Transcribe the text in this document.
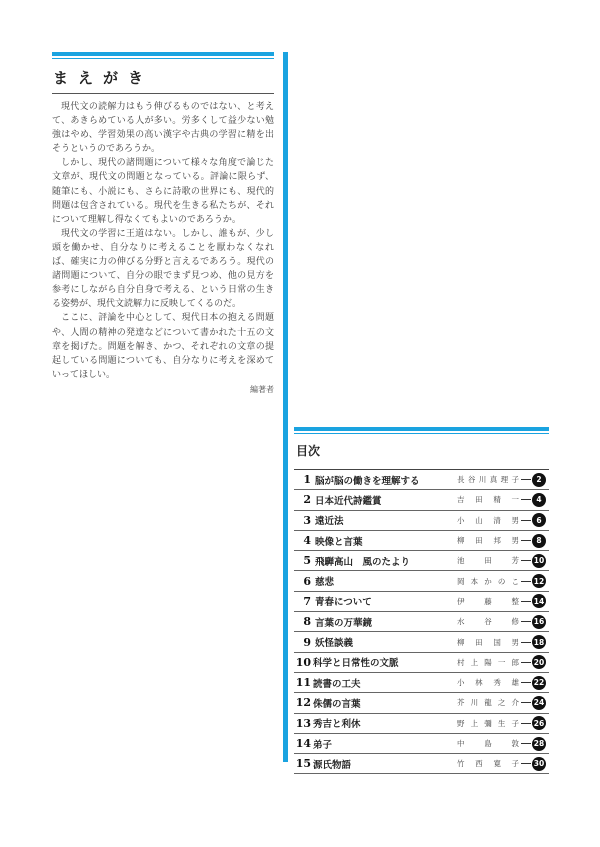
まえがき

現代文の読解力はもう伸びるものではない、と考えて、あきらめている人が多い。労多くして益少ない勉強はやめ、学習効果の高い漢字や古典の学習に精を出そうというのであろうか。

しかし、現代の諸問題について様々な角度で論じた文章が、現代文の問題となっている。評論に限らず、随筆にも、小説にも、さらに詩歌の世界にも、現代的問題は包含されている。現代を生きる私たちが、それについて理解し得なくてもよいのであろうか。

現代文の学習に王道はない。しかし、誰もが、少し頭を働かせ、自分なりに考えることを厭わなくなれば、確実に力の伸びる分野と言えるであろう。現代の諸問題について、自分の眼でまず見つめ、他の見方を参考にしながら自分自身で考える、という日常の生きる姿勢が、現代文読解力に反映してくるのだ。

ここに、評論を中心として、現代日本の抱える問題や、人間の精神の発達などについて書かれた十五の文章を掲げた。問題を解き、かつ、それぞれの文章の提起している問題についても、自分なりに考えを深めていってほしい。

編著者
目次
1 脳が脳の働きを理解する	長谷川真理子	2
2 日本近代詩鑑賞	吉田精一	4
3 遠近法	小山清男	6
4 映像と言葉	柳田邦男	8
5 飛騨高山　風のたより	池田芳 10
6 慈悲	岡本かのこ 12
7 青春について	伊藤整 14
8 言葉の万華鏡	水谷修 16
9 妖怪談義	柳田国男 18
10 科学と日常性の文脈	村上陽一郎 20
11 読書の工夫	小林秀雄 22
12 侏儒の言葉	芥川龍之介 24
13 秀吉と利休	野上彌生子 26
14 弟子	中島敦 28
15 源氏物語	竹西寛子 30
